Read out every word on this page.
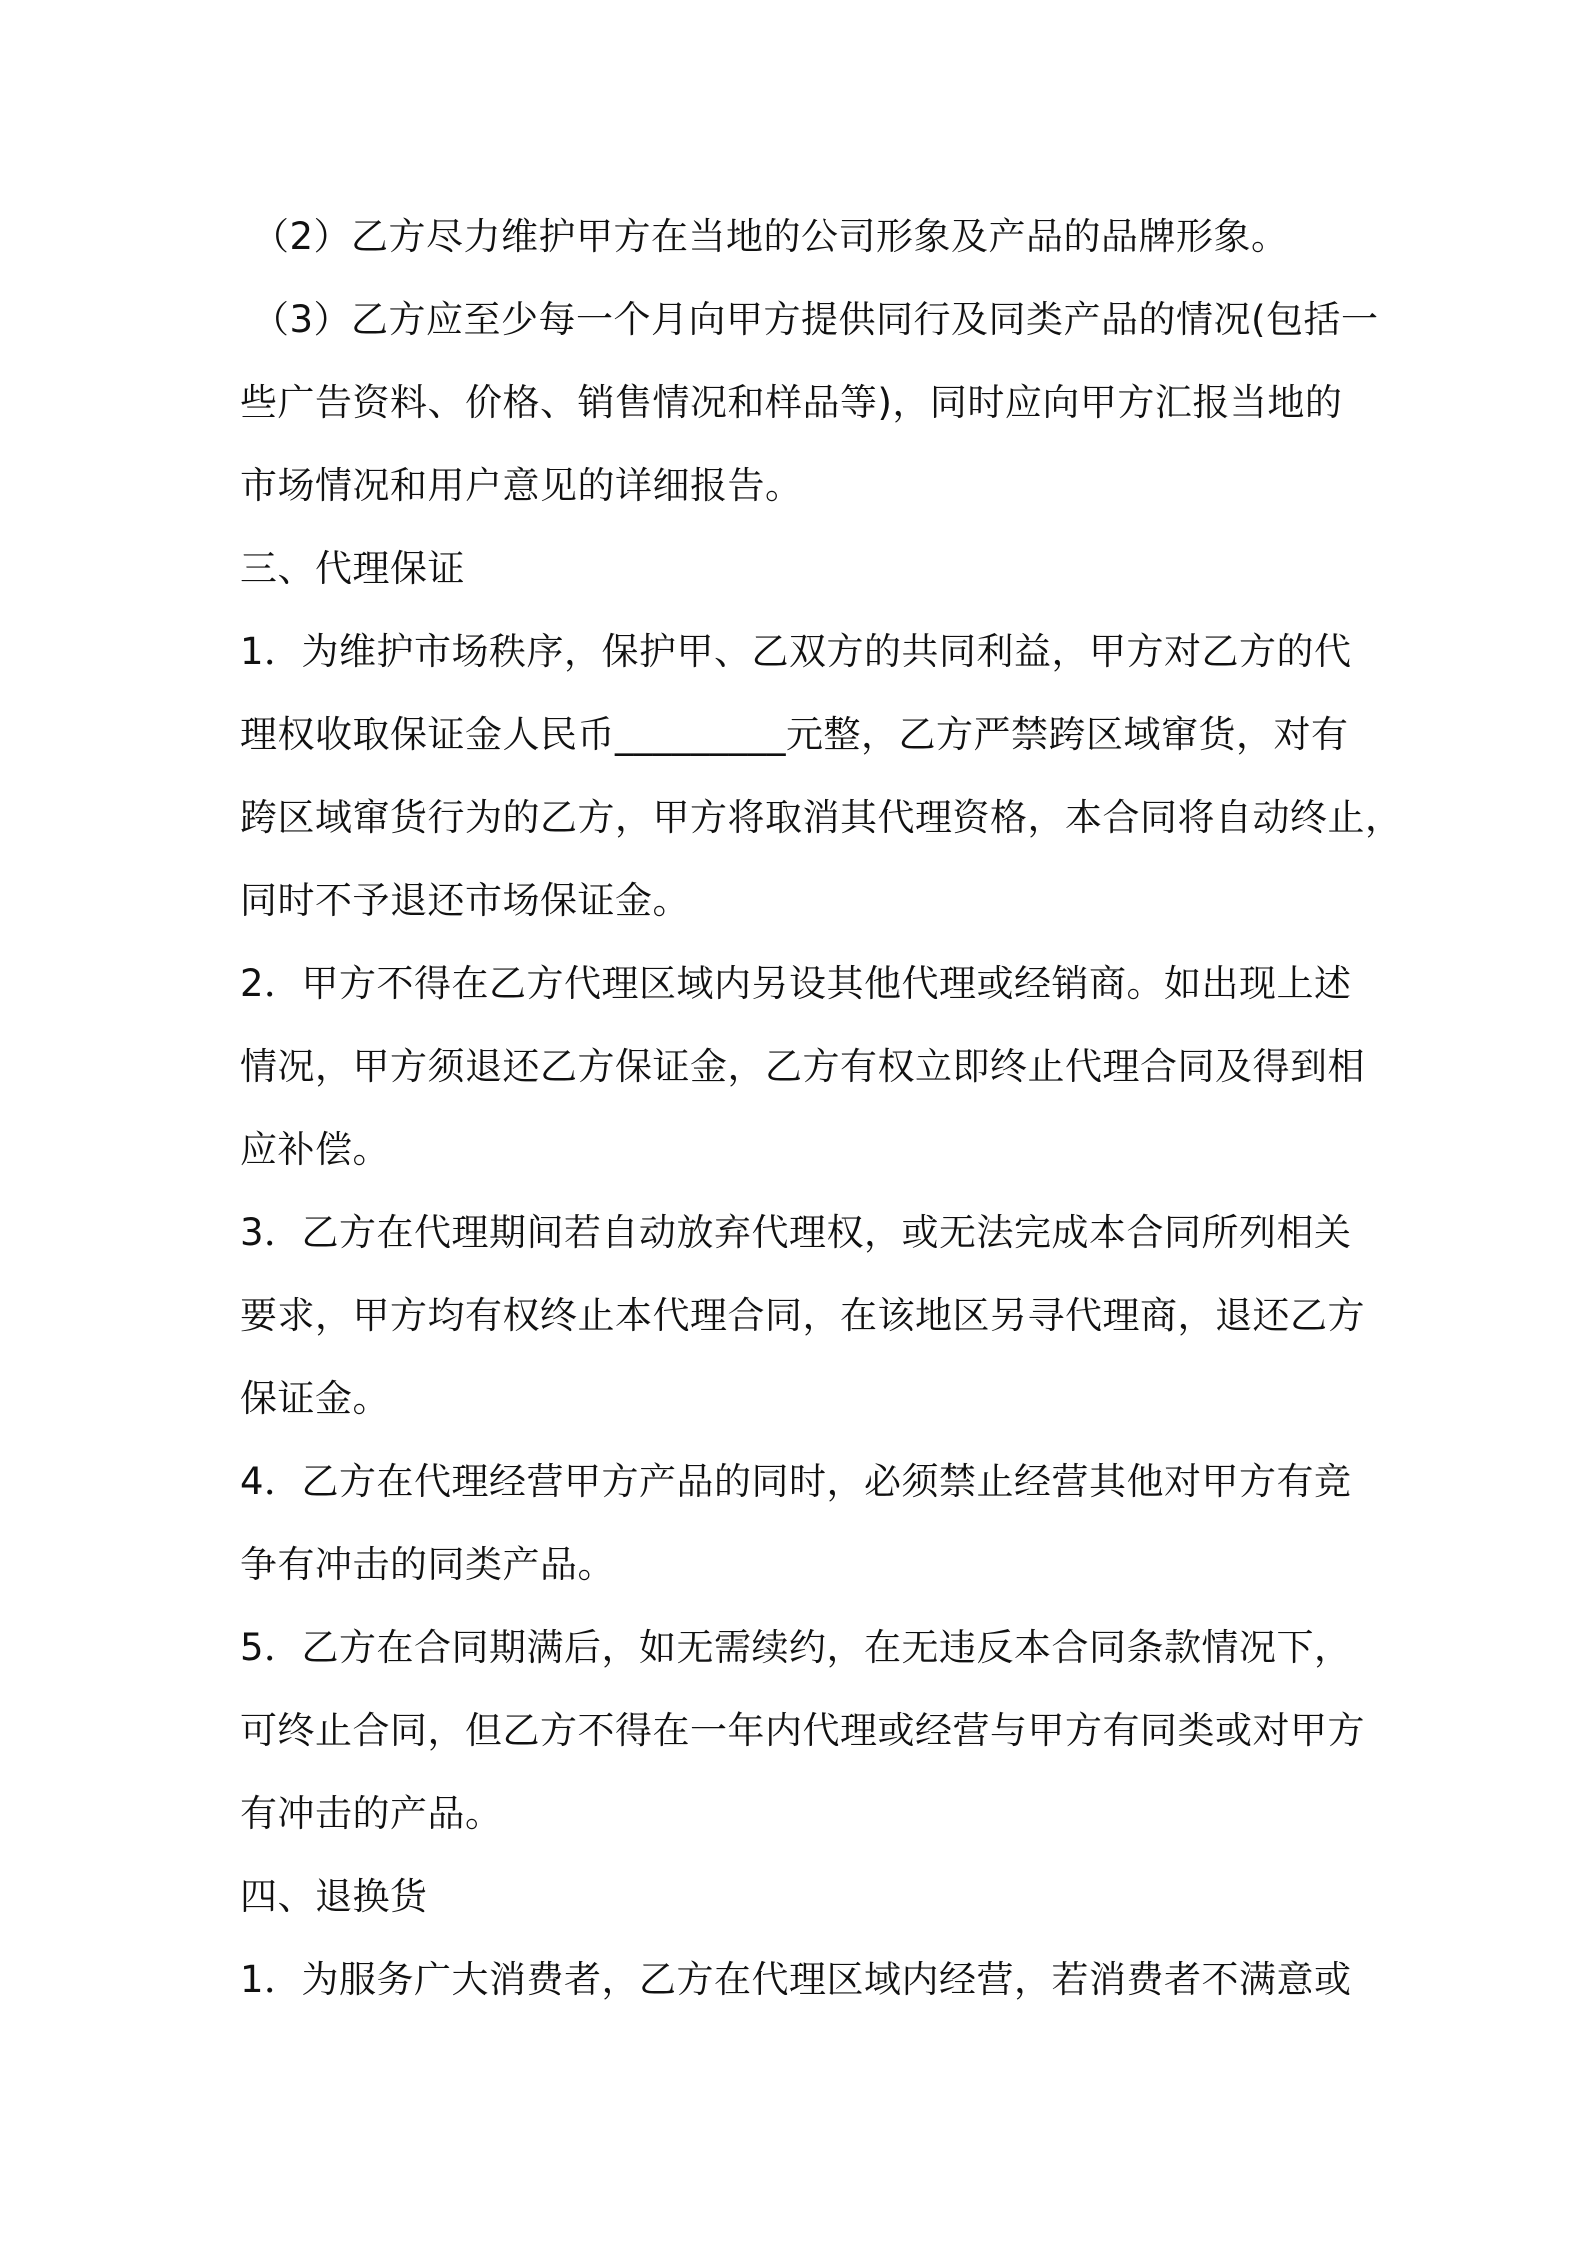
（2）乙方尽力维护甲方在当地的公司形象及产品的品牌形象。
（3）乙方应至少每一个月向甲方提供同行及同类产品的情况(包括一
些广告资料、价格、销售情况和样品等)，同时应向甲方汇报当地的
市场情况和用户意见的详细报告。
三、代理保证
1．为维护市场秩序，保护甲、乙双方的共同利益，甲方对乙方的代
理权收取保证金人民币_________元整，乙方严禁跨区域窜货，对有
跨区域窜货行为的乙方，甲方将取消其代理资格，本合同将自动终止，
同时不予退还市场保证金。
2．甲方不得在乙方代理区域内另设其他代理或经销商。如出现上述
情况，甲方须退还乙方保证金，乙方有权立即终止代理合同及得到相
应补偿。
3．乙方在代理期间若自动放弃代理权，或无法完成本合同所列相关
要求，甲方均有权终止本代理合同，在该地区另寻代理商，退还乙方
保证金。
4．乙方在代理经营甲方产品的同时，必须禁止经营其他对甲方有竞
争有冲击的同类产品。
5．乙方在合同期满后，如无需续约，在无违反本合同条款情况下，
可终止合同，但乙方不得在一年内代理或经营与甲方有同类或对甲方
有冲击的产品。
四、退换货
1．为服务广大消费者，乙方在代理区域内经营，若消费者不满意或
